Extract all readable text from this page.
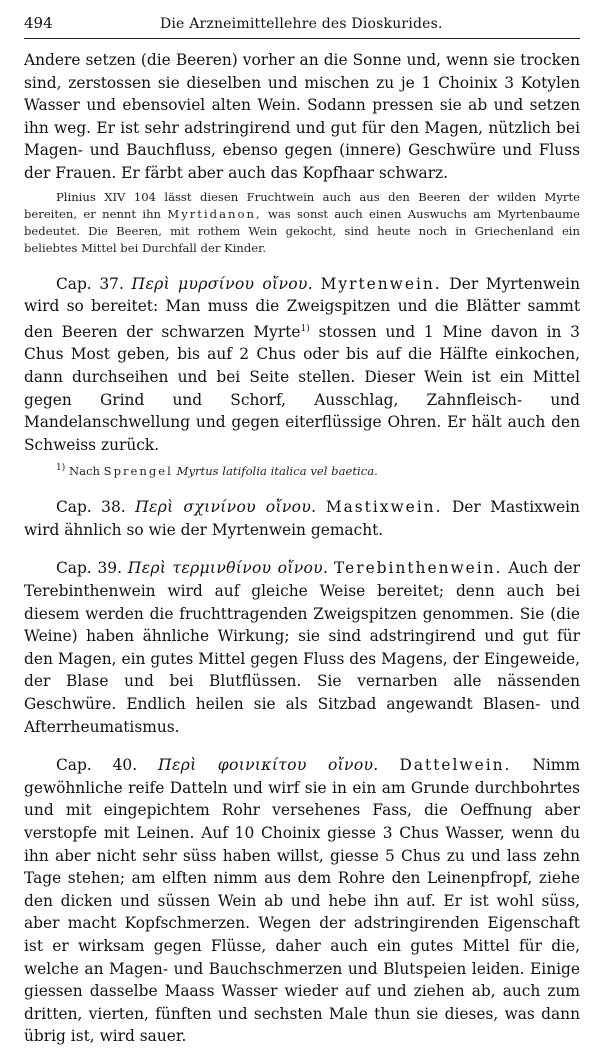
494	Die Arzneimittellehre des Dioskurides.

Andere setzen (die Beeren) vorher an die Sonne und, wenn sie trocken sind, zerstossen sie dieselben und mischen zu je 1 Choinix 3 Kotylen Wasser und ebensoviel alten Wein. Sodann pressen sie ab und setzen ihn weg. Er ist sehr adstringirend und gut für den Magen, nützlich bei Magen- und Bauchfluss, ebenso gegen (innere) Geschwüre und Fluss der Frauen. Er färbt aber auch das Kopfhaar schwarz.

Plinius XIV 104 lässt diesen Fruchtwein auch aus den Beeren der wilden Myrte bereiten, er nennt ihn Myrtidanon, was sonst auch einen Auswuchs am Myrtenbaume bedeutet. Die Beeren, mit rothem Wein gekocht, sind heute noch in Griechenland ein beliebtes Mittel bei Durchfall der Kinder.

Cap. 37. Περὶ μυρσίνου οἴνου. Myrtenwein. Der Myrtenwein wird so bereitet: Man muss die Zweigspitzen und die Blätter sammt den Beeren der schwarzen Myrte$^{1)}$ stossen und 1 Mine davon in 3 Chus Most geben, bis auf 2 Chus oder bis auf die Hälfte einkochen, dann durchseihen und bei Seite stellen. Dieser Wein ist ein Mittel gegen Grind und Schorf, Ausschlag, Zahnfleisch- und Mandelanschwellung und gegen eiterflüssige Ohren. Er hält auch den Schweiss zurück.

$^{1)}$ Nach Sprengel Myrtus latifolia italica vel baetica.

Cap. 38. Περὶ σχινίνου οἴνου. Mastixwein. Der Mastixwein wird ähnlich so wie der Myrtenwein gemacht.

Cap. 39. Περὶ τερμινθίνου οἴνου. Terebinthenwein. Auch der Terebinthenwein wird auf gleiche Weise bereitet; denn auch bei diesem werden die fruchttragenden Zweigspitzen genommen. Sie (die Weine) haben ähnliche Wirkung; sie sind adstringirend und gut für den Magen, ein gutes Mittel gegen Fluss des Magens, der Eingeweide, der Blase und bei Blutflüssen. Sie vernarben alle nässenden Geschwüre. Endlich heilen sie als Sitzbad angewandt Blasen- und Afterrheumatismus.

Cap. 40. Περὶ φοινικίτου οἴνου. Dattelwein. Nimm gewöhnliche reife Datteln und wirf sie in ein am Grunde durchbohrtes und mit eingepichtem Rohr versehenes Fass, die Oeffnung aber verstopfe mit Leinen. Auf 10 Choinix giesse 3 Chus Wasser, wenn du ihn aber nicht sehr süss haben willst, giesse 5 Chus zu und lass zehn Tage stehen; am elften nimm aus dem Rohre den Leinenpfropf, ziehe den dicken und süssen Wein ab und hebe ihn auf. Er ist wohl süss, aber macht Kopfschmerzen. Wegen der adstringirenden Eigenschaft ist er wirksam gegen Flüsse, daher auch ein gutes Mittel für die, welche an Magen- und Bauchschmerzen und Blutspeien leiden. Einige giessen dasselbe Maass Wasser wieder auf und ziehen ab, auch zum dritten, vierten, fünften und sechsten Male thun sie dieses, was dann übrig ist, wird sauer.
